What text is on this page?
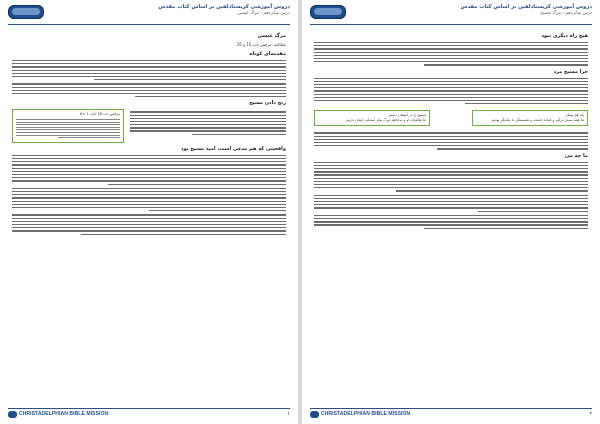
دروس آموزشی کریستادلفین بر اساس کتاب مقدس
درس شانزدهم - مرگ عیسی
مرگ عیسی
مطالعه: مرقس باب 15 و 16
مقدمه‌ای کوتاه
رنج دادن مسیح
مرقس باب 16 آیات 1 تا 8
واقعیتی که هم مدعی است، امید مسیح بود
CHRISTADELPHIAN BIBLE MISSION	۱
دروس آموزشی کریستادلفین بر اساس کتاب مقدس
درس شانزدهم - مرگ مسیح
هیچ راه دیگری نبود
چرا مسیح مرد
یک هم پیمان
ما همه بسیار درگیر و آماده خدمت و همبستگی با یکدیگر بودیم
مسیح را در آسمان دیدیم
ما شاهدان او و به‌خاطر مرگ پیام آسمانی ایمان داریم
ما چه می
CHRISTADELPHIAN BIBLE MISSION	۲
